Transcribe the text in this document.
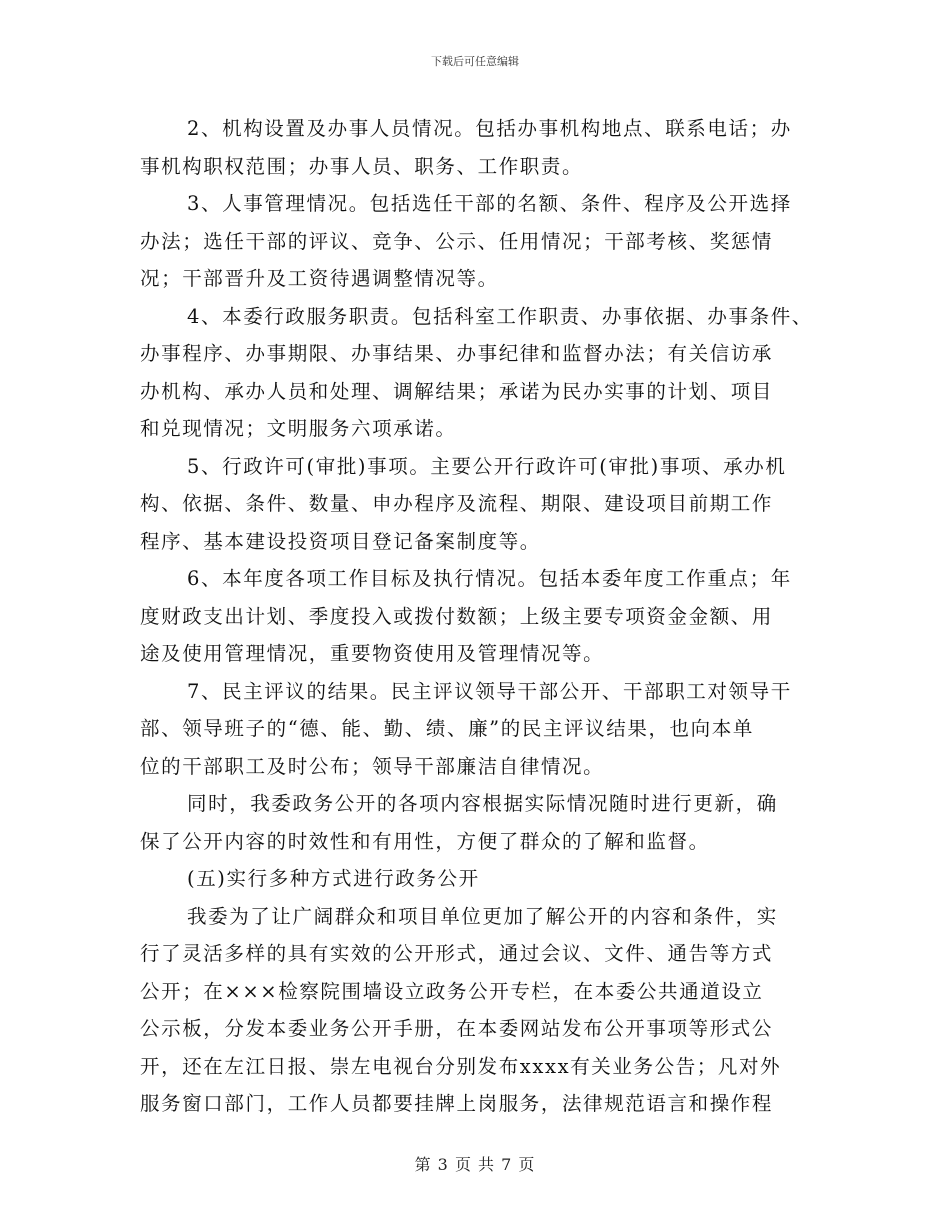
下载后可任意编辑
2、机构设置及办事人员情况。包括办事机构地点、联系电话；办
事机构职权范围；办事人员、职务、工作职责。
3、人事管理情况。包括选任干部的名额、条件、程序及公开选择
办法；选任干部的评议、竞争、公示、任用情况；干部考核、奖惩情
况；干部晋升及工资待遇调整情况等。
4、本委行政服务职责。包括科室工作职责、办事依据、办事条件、
办事程序、办事期限、办事结果、办事纪律和监督办法；有关信访承
办机构、承办人员和处理、调解结果；承诺为民办实事的计划、项目
和兑现情况；文明服务六项承诺。
5、行政许可(审批)事项。主要公开行政许可(审批)事项、承办机
构、依据、条件、数量、申办程序及流程、期限、建设项目前期工作
程序、基本建设投资项目登记备案制度等。
6、本年度各项工作目标及执行情况。包括本委年度工作重点；年
度财政支出计划、季度投入或拨付数额；上级主要专项资金金额、用
途及使用管理情况，重要物资使用及管理情况等。
7、民主评议的结果。民主评议领导干部公开、干部职工对领导干
部、领导班子的“德、能、勤、绩、廉”的民主评议结果，也向本单
位的干部职工及时公布；领导干部廉洁自律情况。
同时，我委政务公开的各项内容根据实际情况随时进行更新，确
保了公开内容的时效性和有用性，方便了群众的了解和监督。
(五)实行多种方式进行政务公开
我委为了让广阔群众和项目单位更加了解公开的内容和条件，实
行了灵活多样的具有实效的公开形式，通过会议、文件、通告等方式
公开；在×××检察院围墙设立政务公开专栏，在本委公共通道设立
公示板，分发本委业务公开手册，在本委网站发布公开事项等形式公
开，还在左江日报、崇左电视台分别发布xxxx有关业务公告；凡对外
服务窗口部门，工作人员都要挂牌上岗服务，法律规范语言和操作程
第 3 页 共 7 页
